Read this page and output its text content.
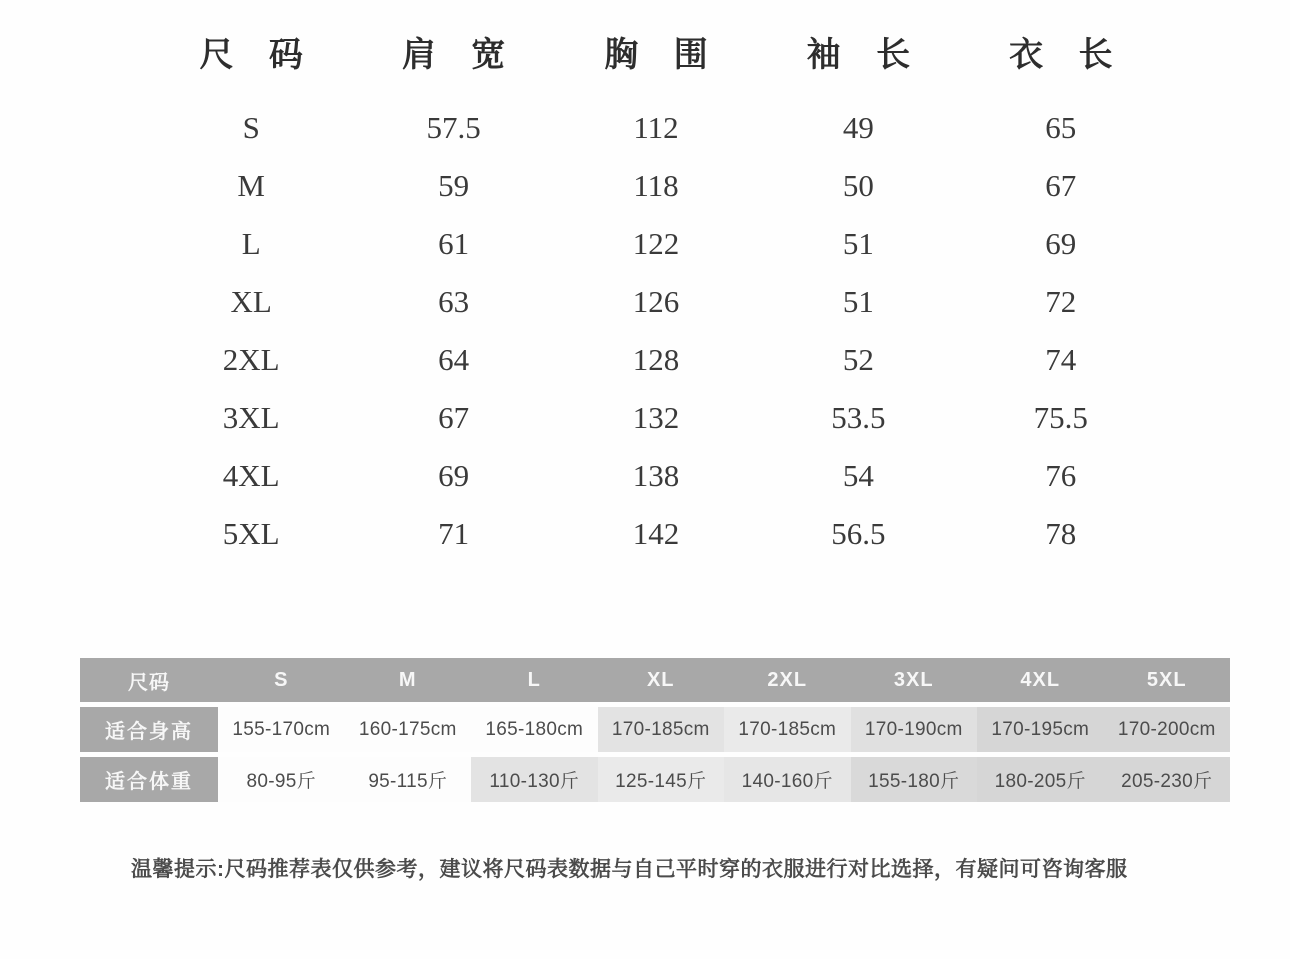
尺 码	肩 宽	胸 围	袖 长	衣 长
S	57.5	112	49	65
M	59	118	50	67
L	61	122	51	69
XL	63	126	51	72
2XL	64	128	52	74
3XL	67	132	53.5	75.5
4XL	69	138	54	76
5XL	71	142	56.5	78
尺码	S	M	L	XL	2XL	3XL	4XL	5XL
适合身高	155-170cm	160-175cm	165-180cm	170-185cm	170-185cm	170-190cm	170-195cm	170-200cm
适合体重	80-95斤	95-115斤	110-130斤	125-145斤	140-160斤	155-180斤	180-205斤	205-230斤
温馨提示:尺码推荐表仅供参考，建议将尺码表数据与自己平时穿的衣服进行对比选择，有疑问可咨询客服
